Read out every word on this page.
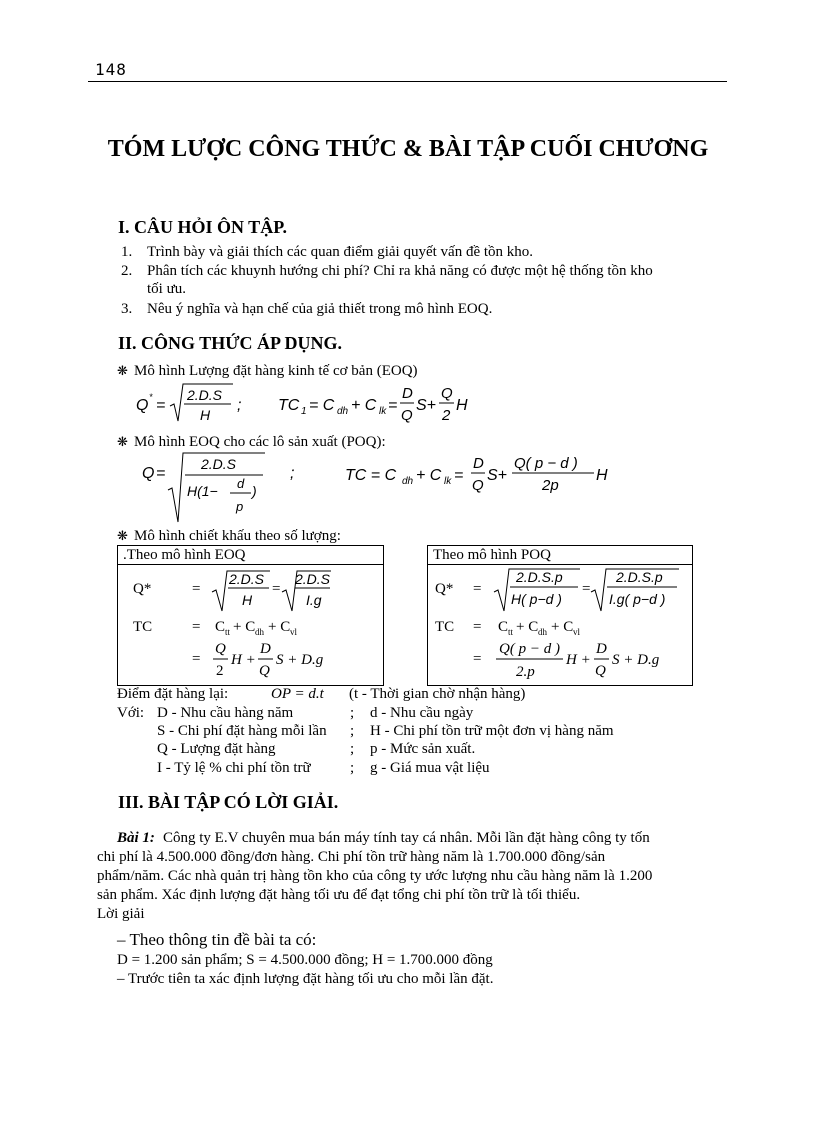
148
TÓM LƯỢC CÔNG THỨC & BÀI TẬP CUỐI CHƯƠNG
I. CÂU HỎI ÔN TẬP.
1. Trình bày và giải thích các quan điểm giải quyết vấn đề tồn kho.
2. Phân tích các khuynh hướng chi phí? Chỉ ra khả năng có được một hệ thống tồn kho
tối ưu.
3. Nêu ý nghĩa và hạn chế của giả thiết trong mô hình EOQ.
II. CÔNG THỨC ÁP DỤNG.
❋ Mô hình Lượng đặt hàng kinh tế cơ bản (EOQ)
Q * =
2.D.S
H
; TC 1 = C dh + C lk =
D
Q
S+
Q
2
H
❋ Mô hình EOQ cho các lô sản xuất (POQ):
Q =
2.D.S
H(1− d
p
)
;	TC = C dh + C lk =
D
Q
S+
Q( p − d )
2p
H
❋ Mô hình chiết khấu theo số lượng:
.Theo mô hình EOQ
Q*	=
2.D.S
H
=
2.D.S
I.g
TC	= C tt + C dh + C vl
=
Q
2
H +
D
Q
S + D.g
Theo mô hình POQ
Q* =
2.D.S.p
H( p−d )
=
2.D.S.p
I.g( p−d )
TC = C tt + C dh + C vl
=
Q( p − d )
2.p
H +
D
Q
S + D.g
Điểm đặt hàng lại:	OP = d.t (t - Thời gian chờ nhận hàng)
Với: D - Nhu cầu hàng năm	; d - Nhu cầu ngày
S - Chi phí đặt hàng mỗi lần ; H - Chi phí tồn trữ một đơn vị hàng năm
Q - Lượng đặt hàng	; p - Mức sản xuất.
I - Tỷ lệ % chi phí tồn trữ	; g - Giá mua vật liệu
III. BÀI TẬP CÓ LỜI GIẢI.
Bài 1: Công ty E.V chuyên mua bán máy tính tay cá nhân. Mỗi lần đặt hàng công ty tốn
chi phí là 4.500.000 đồng/đơn hàng. Chi phí tồn trữ hàng năm là 1.700.000 đồng/sản
phẩm/năm. Các nhà quản trị hàng tồn kho của công ty ước lượng nhu cầu hàng năm là 1.200
sản phẩm. Xác định lượng đặt hàng tối ưu để đạt tổng chi phí tồn trữ là tối thiểu.
Lời giải
– Theo thông tin đề bài ta có:
D = 1.200 sản phẩm; S = 4.500.000 đồng; H = 1.700.000 đồng
– Trước tiên ta xác định lượng đặt hàng tối ưu cho mỗi lần đặt.
